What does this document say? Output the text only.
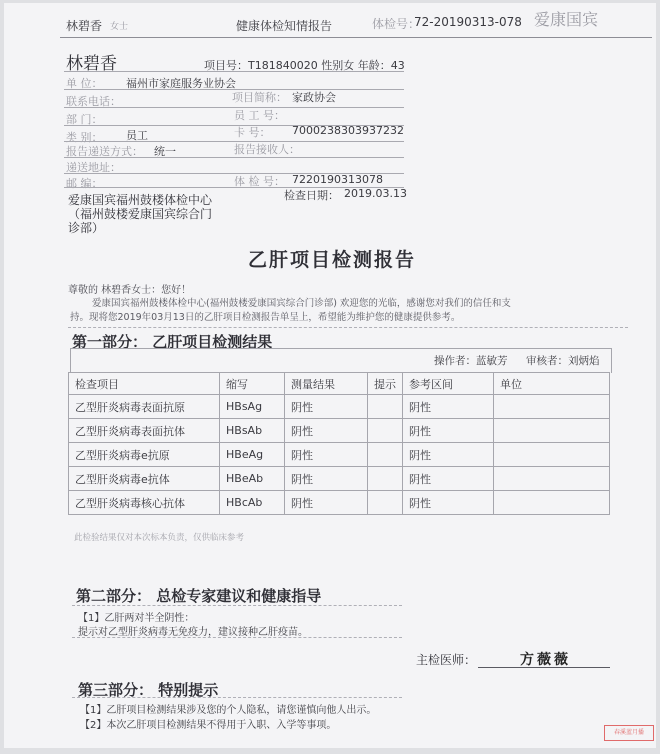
林碧香 女士	健康体检知情报告	体检号：
72-20190313-078 爱康国宾
林碧香	项目号：T181840020 性别女 年龄：43
单 位： 福州市家庭服务业协会
联系电话：	项目简称： 家政协会
部 门：	员 工 号：
类 别： 员工	卡 号： 7000238303937232
报告递送方式： 统一	报告接收人：
递送地址：
邮 编：	体 检 号： 7220190313078
爱康国宾福州鼓楼体检中心
（福州鼓楼爱康国宾综合门
诊部）
检查日期： 2019.03.13
乙肝项目检测报告
尊敬的 林碧香女士：您好！
爱康国宾福州鼓楼体检中心(福州鼓楼爱康国宾综合门诊部) 欢迎您的光临，感谢您对我们的信任和支
持。现将您2019年03月13日的乙肝项目检测报告单呈上，希望能为维护您的健康提供参考。
第一部分： 乙肝项目检测结果
操作者：蓝敏芳 审核者：刘炳焰
检查项目	缩写	测量结果	提示	参考区间	单位
乙型肝炎病毒表面抗原	HBsAg	阴性		阴性	
乙型肝炎病毒表面抗体	HBsAb	阴性		阴性	
乙型肝炎病毒e抗原	HBeAg	阴性		阴性	
乙型肝炎病毒e抗体	HBeAb	阴性		阴性	
乙型肝炎病毒核心抗体	HBcAb	阴性		阴性	
此检验结果仅对本次标本负责，仅供临床参考
第二部分： 总检专家建议和健康指导
【1】乙肝两对半全阴性：
提示对乙型肝炎病毒无免疫力，建议接种乙肝疫苗。
主检医师：	方薇薇
第三部分： 特别提示
【1】乙肝项目检测结果涉及您的个人隐私，请您谨慎向他人出示。
【2】本次乙肝项目检测结果不得用于入职、入学等事项。
春溪蓝月播
